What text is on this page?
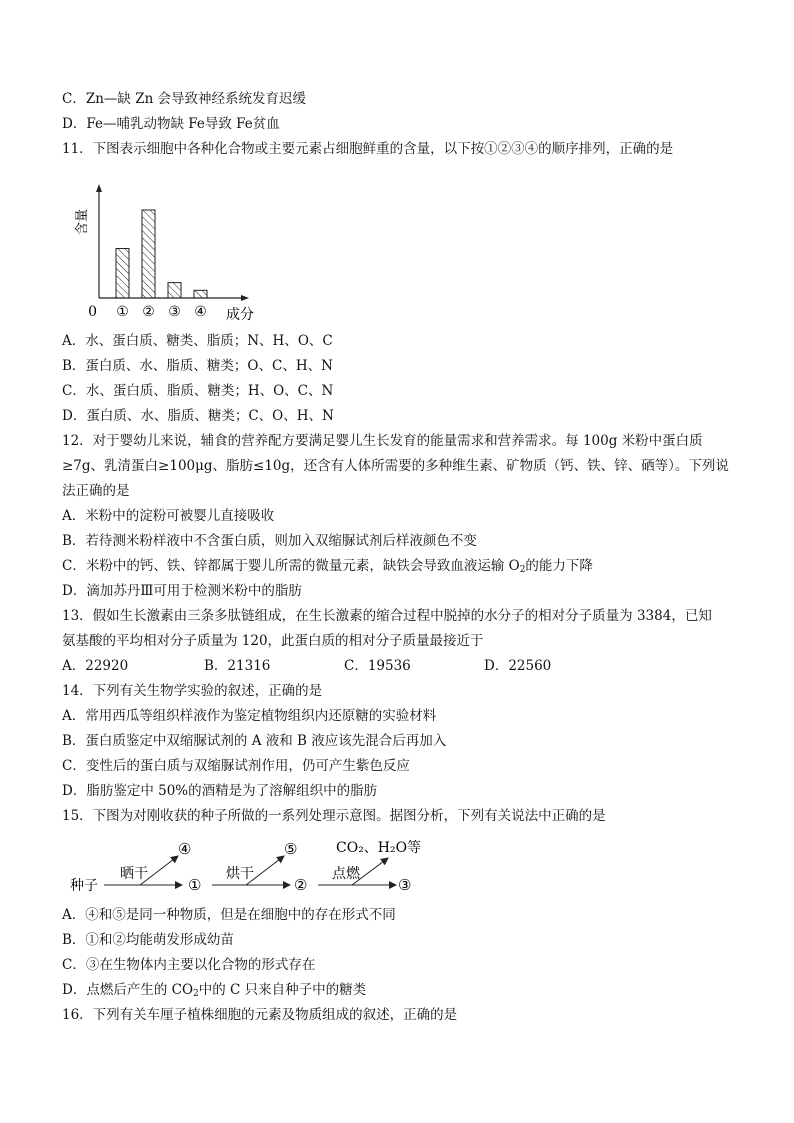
C．Zn—缺 Zn 会导致神经系统发育迟缓
D．Fe—哺乳动物缺 Fe导致 Fe贫血
11．下图表示细胞中各种化合物或主要元素占细胞鲜重的含量，以下按①②③④的顺序排列，正确的是
含量
成分
0 ① ② ③ ④
A．水、蛋白质、糖类、脂质；N、H、O、C
B．蛋白质、水、脂质、糖类；O、C、H、N
C．水、蛋白质、脂质、糖类；H、O、C、N
D．蛋白质、水、脂质、糖类；C、O、H、N
12．对于婴幼儿来说，辅食的营养配方要满足婴儿生长发育的能量需求和营养需求。每 100g 米粉中蛋白质
≥7g、乳清蛋白≥100μg、脂肪≤10g，还含有人体所需要的多种维生素、矿物质（钙、铁、锌、硒等）。下列说
法正确的是
A．米粉中的淀粉可被婴儿直接吸收
B．若待测米粉样液中不含蛋白质，则加入双缩脲试剂后样液颜色不变
C．米粉中的钙、铁、锌都属于婴儿所需的微量元素，缺铁会导致血液运输 $O_2$的能力下降
D．滴加苏丹Ⅲ可用于检测米粉中的脂肪
13．假如生长激素由三条多肽链组成，在生长激素的缩合过程中脱掉的水分子的相对分子质量为 3384，已知
氨基酸的平均相对分子质量为 120，此蛋白质的相对分子质量最接近于
A．22920	B．21316	C．19536	D．22560
14．下列有关生物学实验的叙述，正确的是
A．常用西瓜等组织样液作为鉴定植物组织内还原糖的实验材料
B．蛋白质鉴定中双缩脲试剂的 A 液和 B 液应该先混合后再加入
C．变性后的蛋白质与双缩脲试剂作用，仍可产生紫色反应
D．脂肪鉴定中 50%的酒精是为了溶解组织中的脂肪
15．下图为对刚收获的种子所做的一系列处理示意图。据图分析，下列有关说法中正确的是
种子
晒干
④
①
烘干
⑤
②
点燃
CO₂、H₂O等
③
A．④和⑤是同一种物质，但是在细胞中的存在形式不同
B．①和②均能萌发形成幼苗
C．③在生物体内主要以化合物的形式存在
D．点燃后产生的 $CO_2$中的 C 只来自种子中的糖类
16．下列有关车厘子植株细胞的元素及物质组成的叙述，正确的是
